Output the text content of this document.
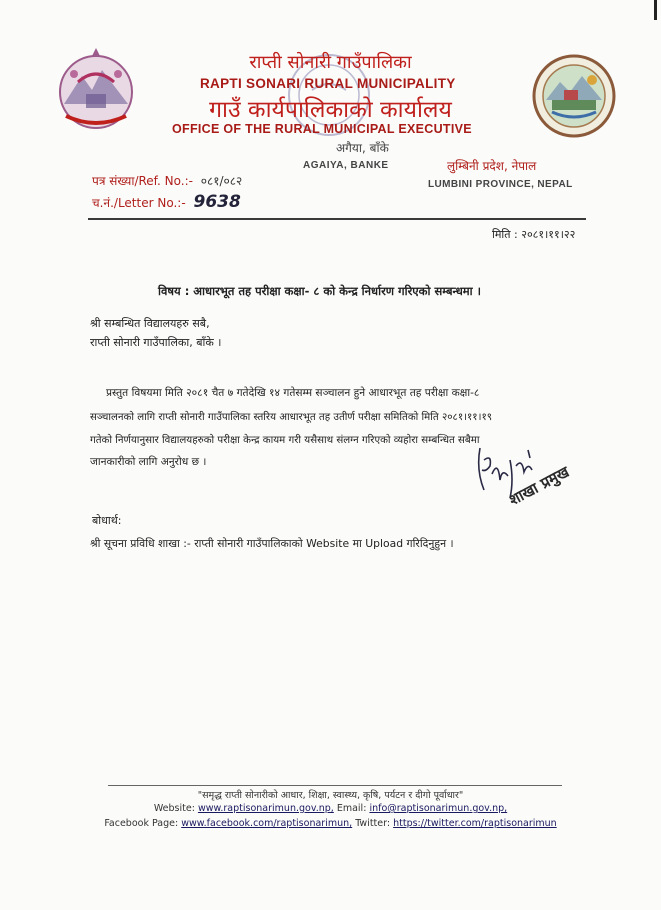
राप्ती सोनारी गाउँपालिका
RAPTI SONARI RURAL MUNICIPALITY
गाउँ कार्यपालिकाको कार्यालय
OFFICE OF THE RURAL MUNICIPAL EXECUTIVE
अगैया, बाँके
AGAIYA, BANKE	लुम्बिनी प्रदेश, नेपाल
LUMBINI PROVINCE, NEPAL
पत्र संख्या/Ref. No.:- ०८१/०८२
च.नं./Letter No.:- 9638
मिति : २०८१।११।२२
विषय : आधारभूत तह परीक्षा कक्षा- ८ को केन्द्र निर्धारण गरिएको सम्बन्धमा ।
श्री सम्बन्धित विद्यालयहरु सबै,
राप्ती सोनारी गाउँपालिका, बाँके ।
प्रस्तुत विषयमा मिति २०८१ चैत ७ गतेदेखि १४ गतेसम्म सञ्चालन हुने आधारभूत तह परीक्षा कक्षा-८
सञ्चालनको लागि राप्ती सोनारी गाउँपालिका स्तरिय आधारभूत तह उतीर्ण परीक्षा समितिको मिति २०८१।११।१९
गतेको निर्णयानुसार विद्यालयहरुको परीक्षा केन्द्र कायम गरी यसैसाथ संलग्न गरिएको व्यहोरा सम्बन्धित सबैमा
जानकारीको लागि अनुरोध छ ।
शाखा प्रमुख
बोधार्थ:
श्री सूचना प्रविधि शाखा :- राप्ती सोनारी गाउँपालिकाको Website मा Upload गरिदिनुहुन ।
"समृद्ध राप्ती सोनारीको आधार, शिक्षा, स्वास्थ्य, कृषि, पर्यटन र दीगो पूर्वाधार"
Website: www.raptisonarimun.gov.np, Email: info@raptisonarimun.gov.np,
Facebook Page: www.facebook.com/raptisonarimun, Twitter: https://twitter.com/raptisonarimun
